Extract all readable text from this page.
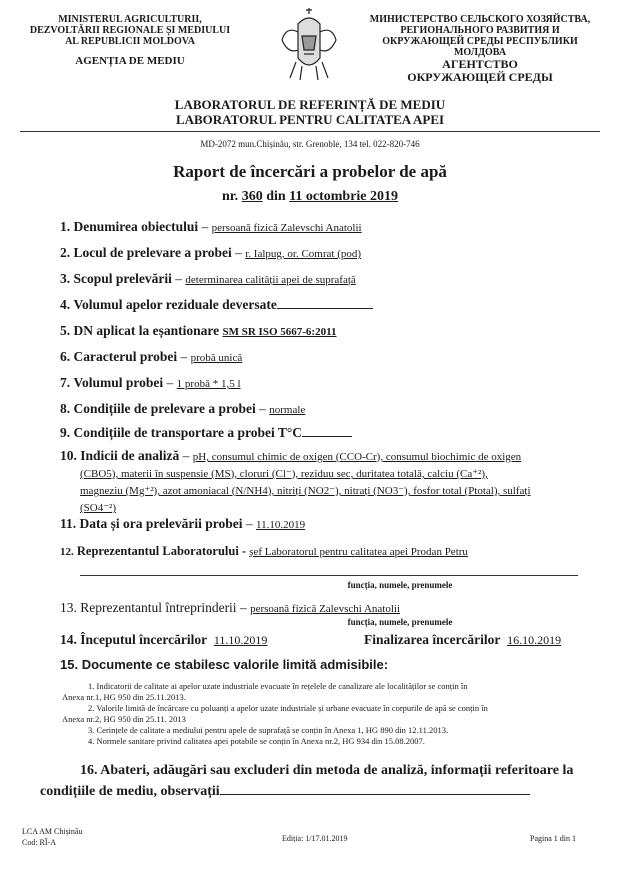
MINISTERUL AGRICULTURII,
DEZVOLTĂRII REGIONALE ȘI MEDIULUI
AL REPUBLICII MOLDOVA
AGENȚIA DE MEDIU
МИНИСТЕРСТВО СЕЛЬСКОГО ХОЗЯЙСТВА,
РЕГИОНАЛЬНОГО РАЗВИТИЯ И
ОКРУЖАЮЩЕЙ СРЕДЫ РЕСПУБЛИКИ
МОЛДОВА
АГЕНТСТВО
ОКРУЖАЮЩЕЙ СРЕДЫ
LABORATORUL DE REFERINȚĂ DE MEDIU
LABORATORUL PENTRU CALITATEA APEI
MD-2072 mun.Chișinău, str. Grenoble, 134 tel. 022-820-746
Raport de încercări a probelor de apă
nr. 360 din 11 octombrie 2019
1. Denumirea obiectului – persoană fizică Zalevschi Anatolii
2. Locul de prelevare a probei – r. Ialpug, or. Comrat (pod)
3. Scopul prelevării – determinarea calității apei de suprafață
4. Volumul apelor reziduale deversate
5. DN aplicat la eșantionare SM SR ISO 5667-6:2011
6. Caracterul probei – probă unică
7. Volumul probei – 1 probă * 1,5 l
8. Condițiile de prelevare a probei – normale
9. Condițiile de transportare a probei T°C
10. Indicii de analiză – pH, consumul chimic de oxigen (CCO-Cr), consumul biochimic de oxigen
(CBO5), materii în suspensie (MS), cloruri (Cl⁻), reziduu sec, duritatea totală, calciu (Ca⁺²),
magneziu (Mg⁺²), azot amoniacal (N/NH4), nitriți (NO2⁻), nitrați (NO3⁻), fosfor total (Ptotal), sulfați
(SO4⁻²)
11. Data și ora prelevării probei – 11.10.2019
12. Reprezentantul Laboratorului - șef Laboratorul pentru calitatea apei Prodan Petru
funcția, numele, prenumele
13. Reprezentantul întreprinderii – persoană fizică Zalevschi Anatolii
funcția, numele, prenumele
14. Începutul încercărilor 11.10.2019	Finalizarea încercărilor 16.10.2019
15. Documente ce stabilesc valorile limită admisibile:
1. Indicatorii de calitate ai apelor uzate industriale evacuate în rețelele de canalizare ale localităților se conțin în
Anexa nr.1, HG 950 din 25.11.2013.
2. Valorile limită de încărcare cu poluanți a apelor uzate industriale și urbane evacuate în corpurile de apă se conțin în
Anexa nr.2, HG 950 din 25.11. 2013
3. Cerințele de calitate a mediului pentru apele de suprafață se conțin în Anexa 1, HG 890 din 12.11.2013.
4. Normele sanitare privind calitatea apei potabile se conțin în Anexa nr.2, HG 934 din 15.08.2007.
16. Abateri, adăugări sau excluderi din metoda de analiză, informații referitoare la
condițiile de mediu, observații
LCA AM Chișinău
Cod: RÎ-A	Ediția: 1/17.01.2019	Pagina 1 din 1
